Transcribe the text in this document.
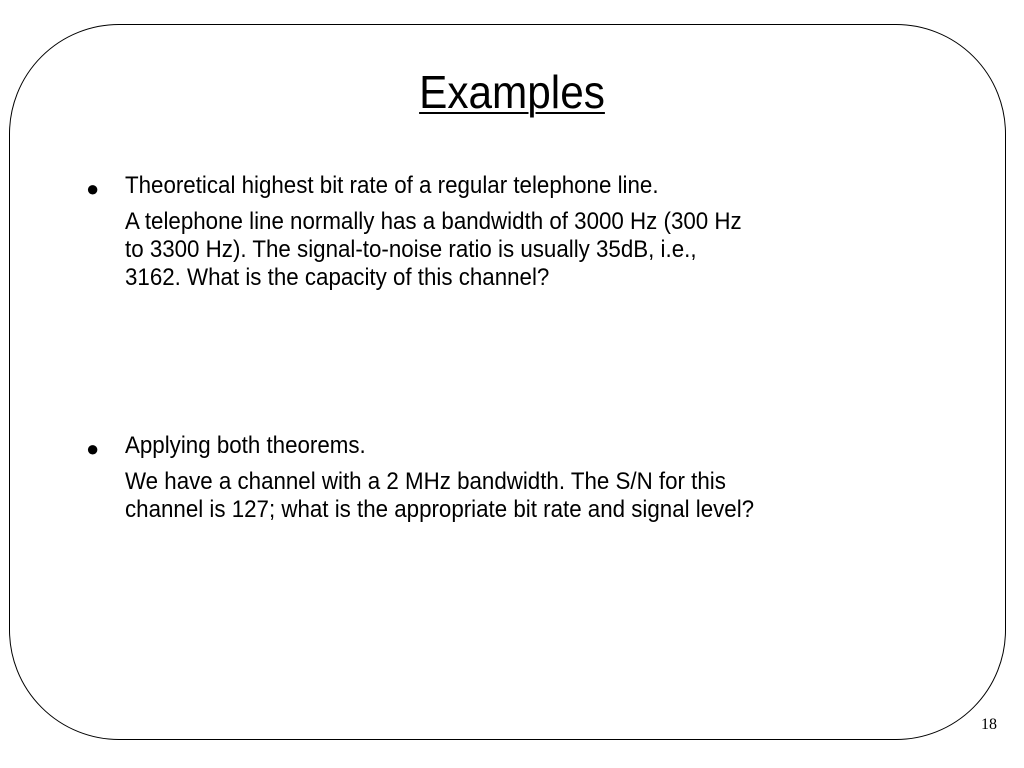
Examples
● Theoretical highest bit rate of a regular telephone line.
A telephone line normally has a bandwidth of 3000 Hz (300 Hz
to 3300 Hz). The signal-to-noise ratio is usually 35dB, i.e.,
3162. What is the capacity of this channel?
● Applying both theorems.
We have a channel with a 2 MHz bandwidth. The S/N for this
channel is 127; what is the appropriate bit rate and signal level?
18
